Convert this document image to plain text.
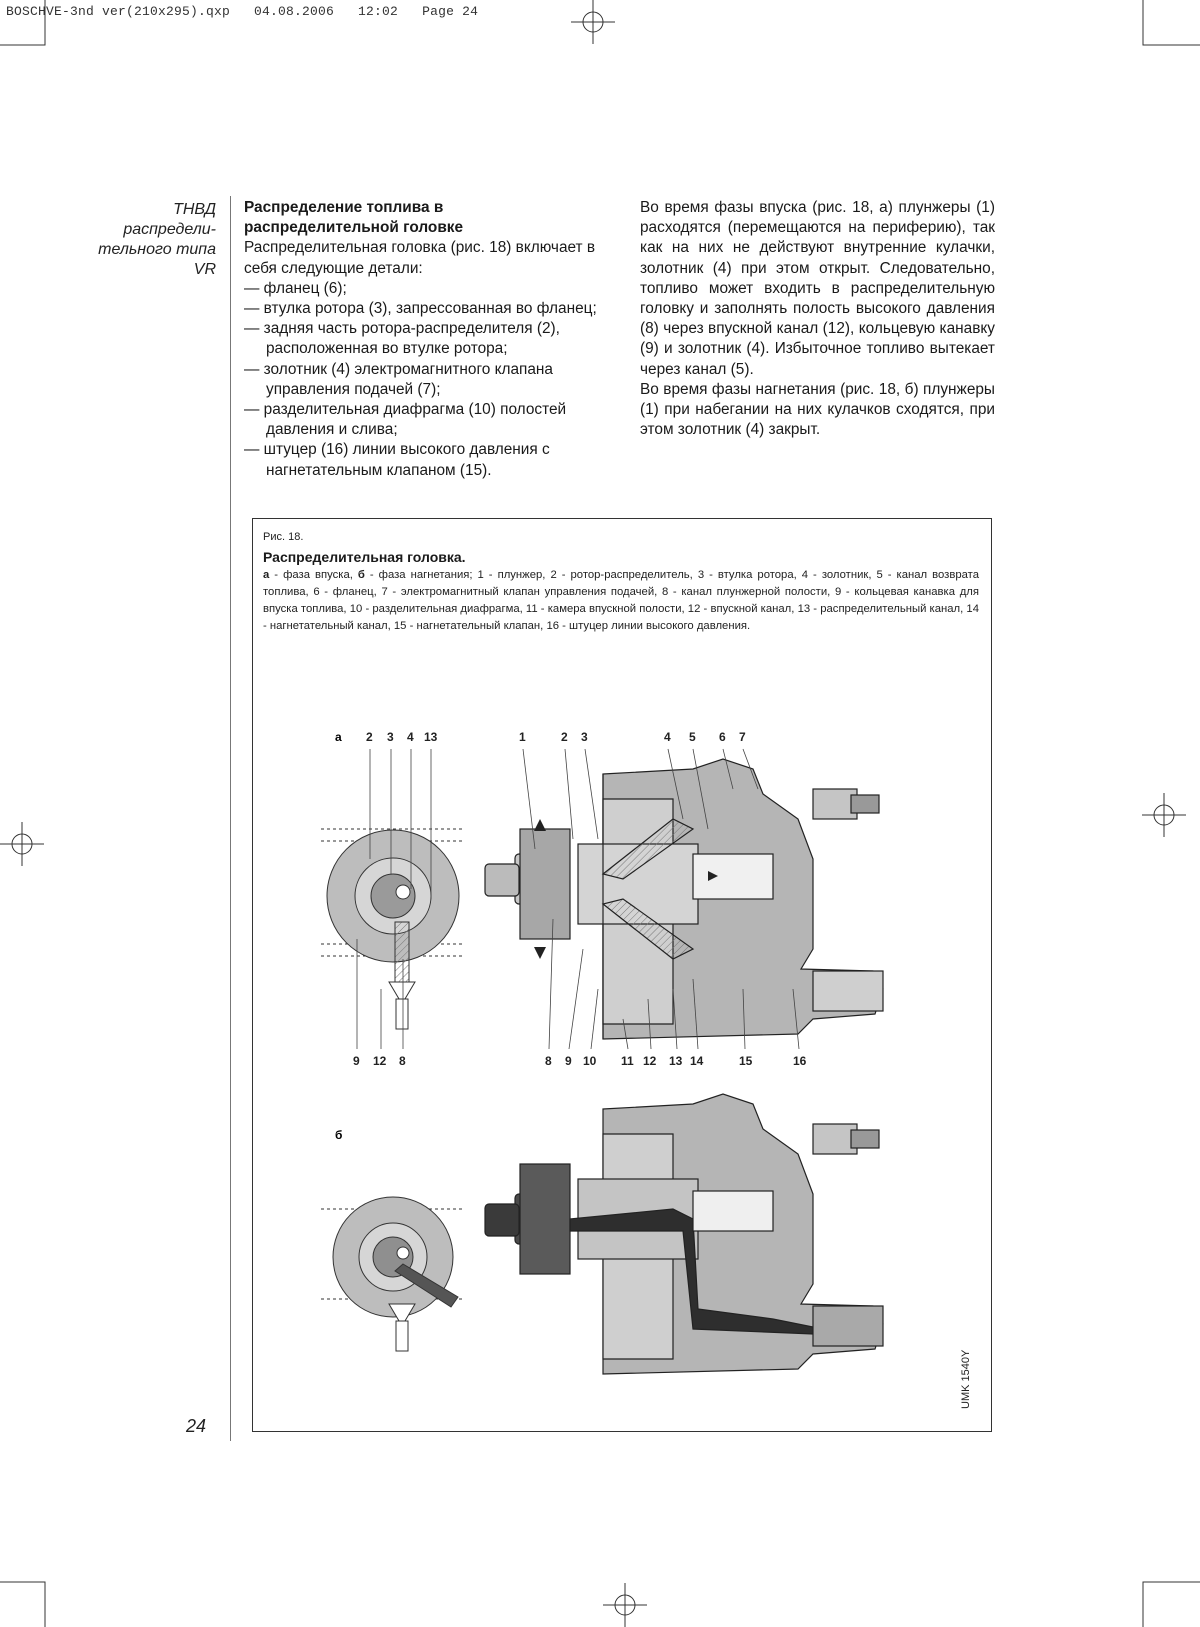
BOSCHVE-3nd ver(210x295).qxp   04.08.2006   12:02   Page 24
ТНВД
распредели-
тельного типа
VR
Распределение топлива в
распределительной головке

Распределительная головка (рис. 18) включает в себя следующие детали:

— фланец (6);
— втулка ротора (3), запрессованная во фланец;
— задняя часть ротора-распределителя (2), расположенная во втулке ротора;
— золотник (4) электромагнитного клапана управления подачей (7);
— разделительная диафрагма (10) полостей давления и слива;
— штуцер (16) линии высокого давления с нагнетательным клапаном (15).

Во время фазы впуска (рис. 18, а) плунжеры (1) расходятся (перемещаются на периферию), так как на них не действуют внутренние кулачки, золотник (4) при этом открыт. Следовательно, топливо может входить в распределительную головку и заполнять полость высокого давления (8) через впускной канал (12), кольцевую канавку (9) и золотник (4). Избыточное топливо вытекает через канал (5).

Во время фазы нагнетания (рис. 18, б) плунжеры (1) при набегании на них кулачков сходятся, при этом золотник (4) закрыт.

Рис. 18.
Распределительная головка.
а - фаза впуска, б - фаза нагнетания; 1 - плунжер, 2 - ротор-распределитель, 3 - втулка ротора, 4 - золотник, 5 - канал возврата топлива, 6 - фланец, 7 - электромагнитный клапан управления подачей, 8 - канал плунжерной полости, 9 - кольцевая канавка для впуска топлива, 10 - разделительная диафрагма, 11 - камера впускной полости, 12 - впускной канал, 13 - распределительный канал, 14 - нагнетательный канал, 15 - нагнетательный клапан, 16 - штуцер линии высокого давления.
а 2 3 4 13
9 12 8
1	2 3	4 5 6 7
8 9 10 11 12 13 14	15	16
б
UMK 1540Y
24
